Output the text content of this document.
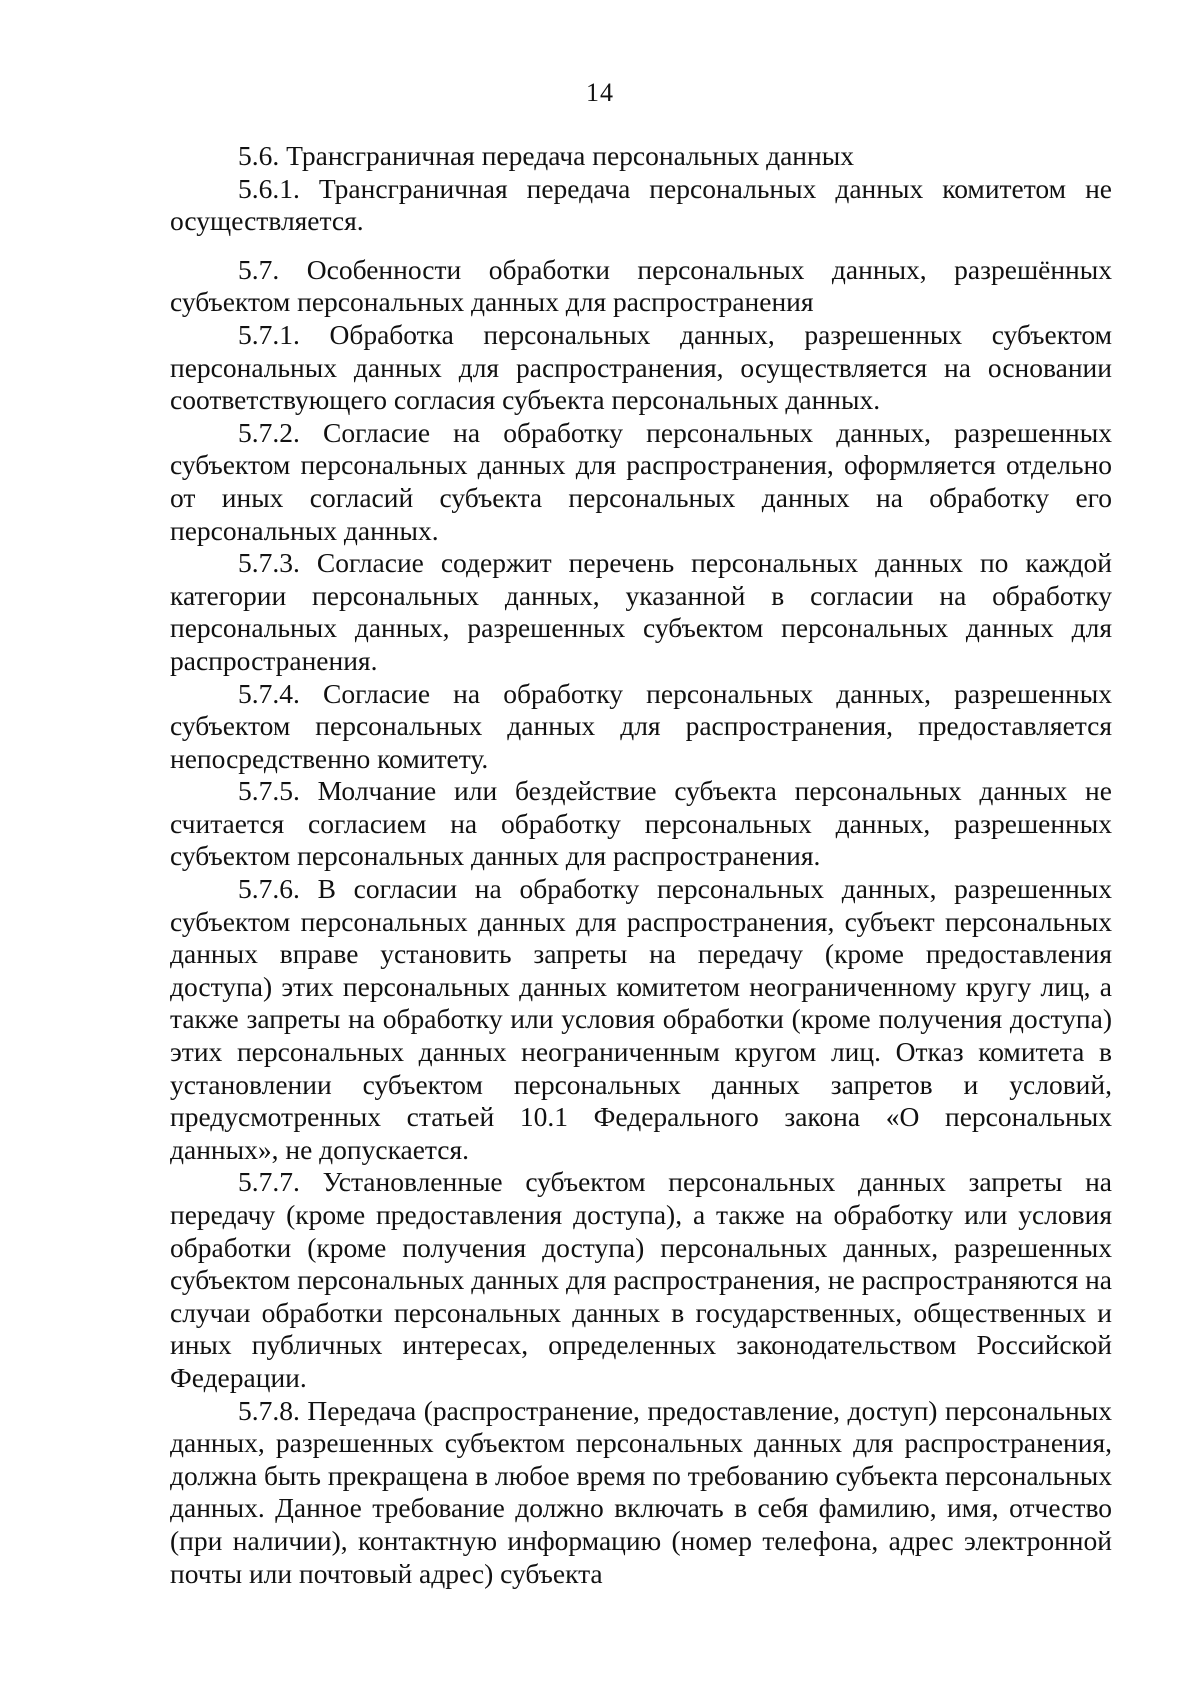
14

5.6. Трансграничная передача персональных данных

5.6.1. Трансграничная передача персональных данных комитетом не осуществляется.

5.7. Особенности обработки персональных данных, разрешённых субъектом персональных данных для распространения

5.7.1. Обработка персональных данных, разрешенных субъектом персональных данных для распространения, осуществляется на основании соответствующего согласия субъекта персональных данных.

5.7.2. Согласие на обработку персональных данных, разрешенных субъектом персональных данных для распространения, оформляется отдельно от иных согласий субъекта персональных данных на обработку его персональных данных.

5.7.3. Согласие содержит перечень персональных данных по каждой категории персональных данных, указанной в согласии на обработку персональных данных, разрешенных субъектом персональных данных для распространения.

5.7.4. Согласие на обработку персональных данных, разрешенных субъектом персональных данных для распространения, предоставляется непосредственно комитету.

5.7.5. Молчание или бездействие субъекта персональных данных не считается согласием на обработку персональных данных, разрешенных субъектом персональных данных для распространения.

5.7.6. В согласии на обработку персональных данных, разрешенных субъектом персональных данных для распространения, субъект персональных данных вправе установить запреты на передачу (кроме предоставления доступа) этих персональных данных комитетом неограниченному кругу лиц, а также запреты на обработку или условия обработки (кроме получения доступа) этих персональных данных неограниченным кругом лиц. Отказ комитета в установлении субъектом персональных данных запретов и условий, предусмотренных статьей 10.1 Федерального закона «О персональных данных», не допускается.

5.7.7. Установленные субъектом персональных данных запреты на передачу (кроме предоставления доступа), а также на обработку или условия обработки (кроме получения доступа) персональных данных, разрешенных субъектом персональных данных для распространения, не распространяются на случаи обработки персональных данных в государственных, общественных и иных публичных интересах, определенных законодательством Российской Федерации.

5.7.8. Передача (распространение, предоставление, доступ) персональных данных, разрешенных субъектом персональных данных для распространения, должна быть прекращена в любое время по требованию субъекта персональных данных. Данное требование должно включать в себя фамилию, имя, отчество (при наличии), контактную информацию (номер телефона, адрес электронной почты или почтовый адрес) субъекта
